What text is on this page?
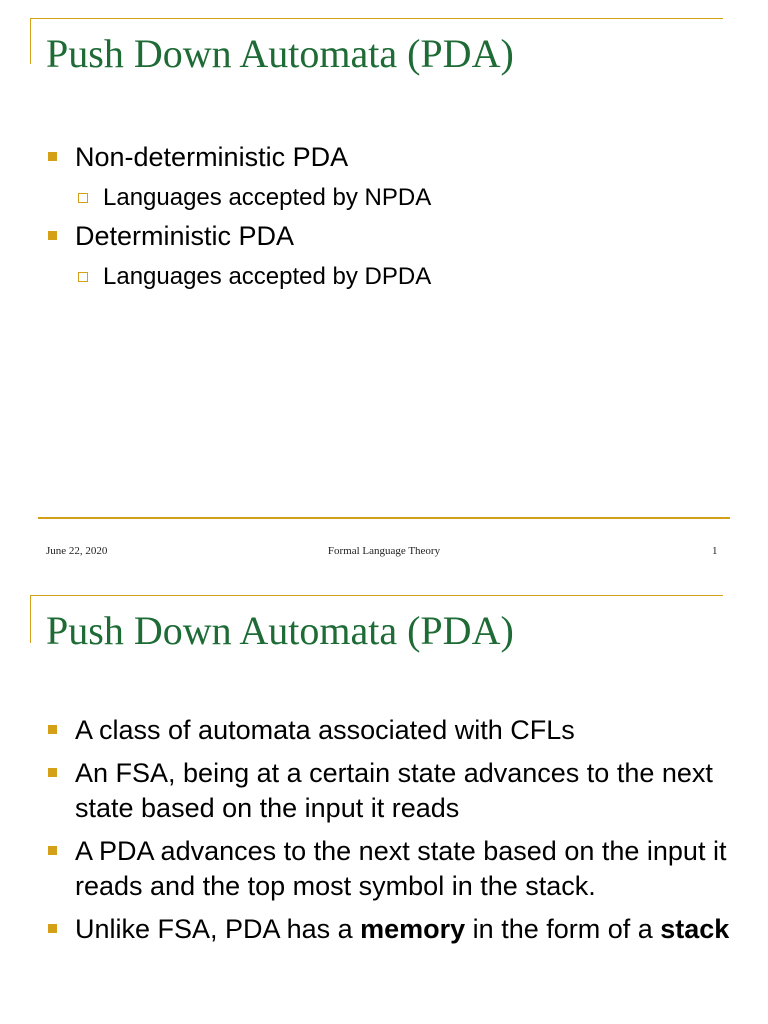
Push Down Automata (PDA)
Non-deterministic PDA
Languages accepted by NPDA
Deterministic PDA
Languages accepted by DPDA
June 22, 2020	Formal Language Theory	1
Push Down Automata (PDA)
A class of automata associated with CFLs
An FSA, being at a certain state advances to the next state based on the input it reads
A PDA advances to the next state based on the input it reads and the top most symbol in the stack.
Unlike FSA, PDA has a memory in the form of a stack
